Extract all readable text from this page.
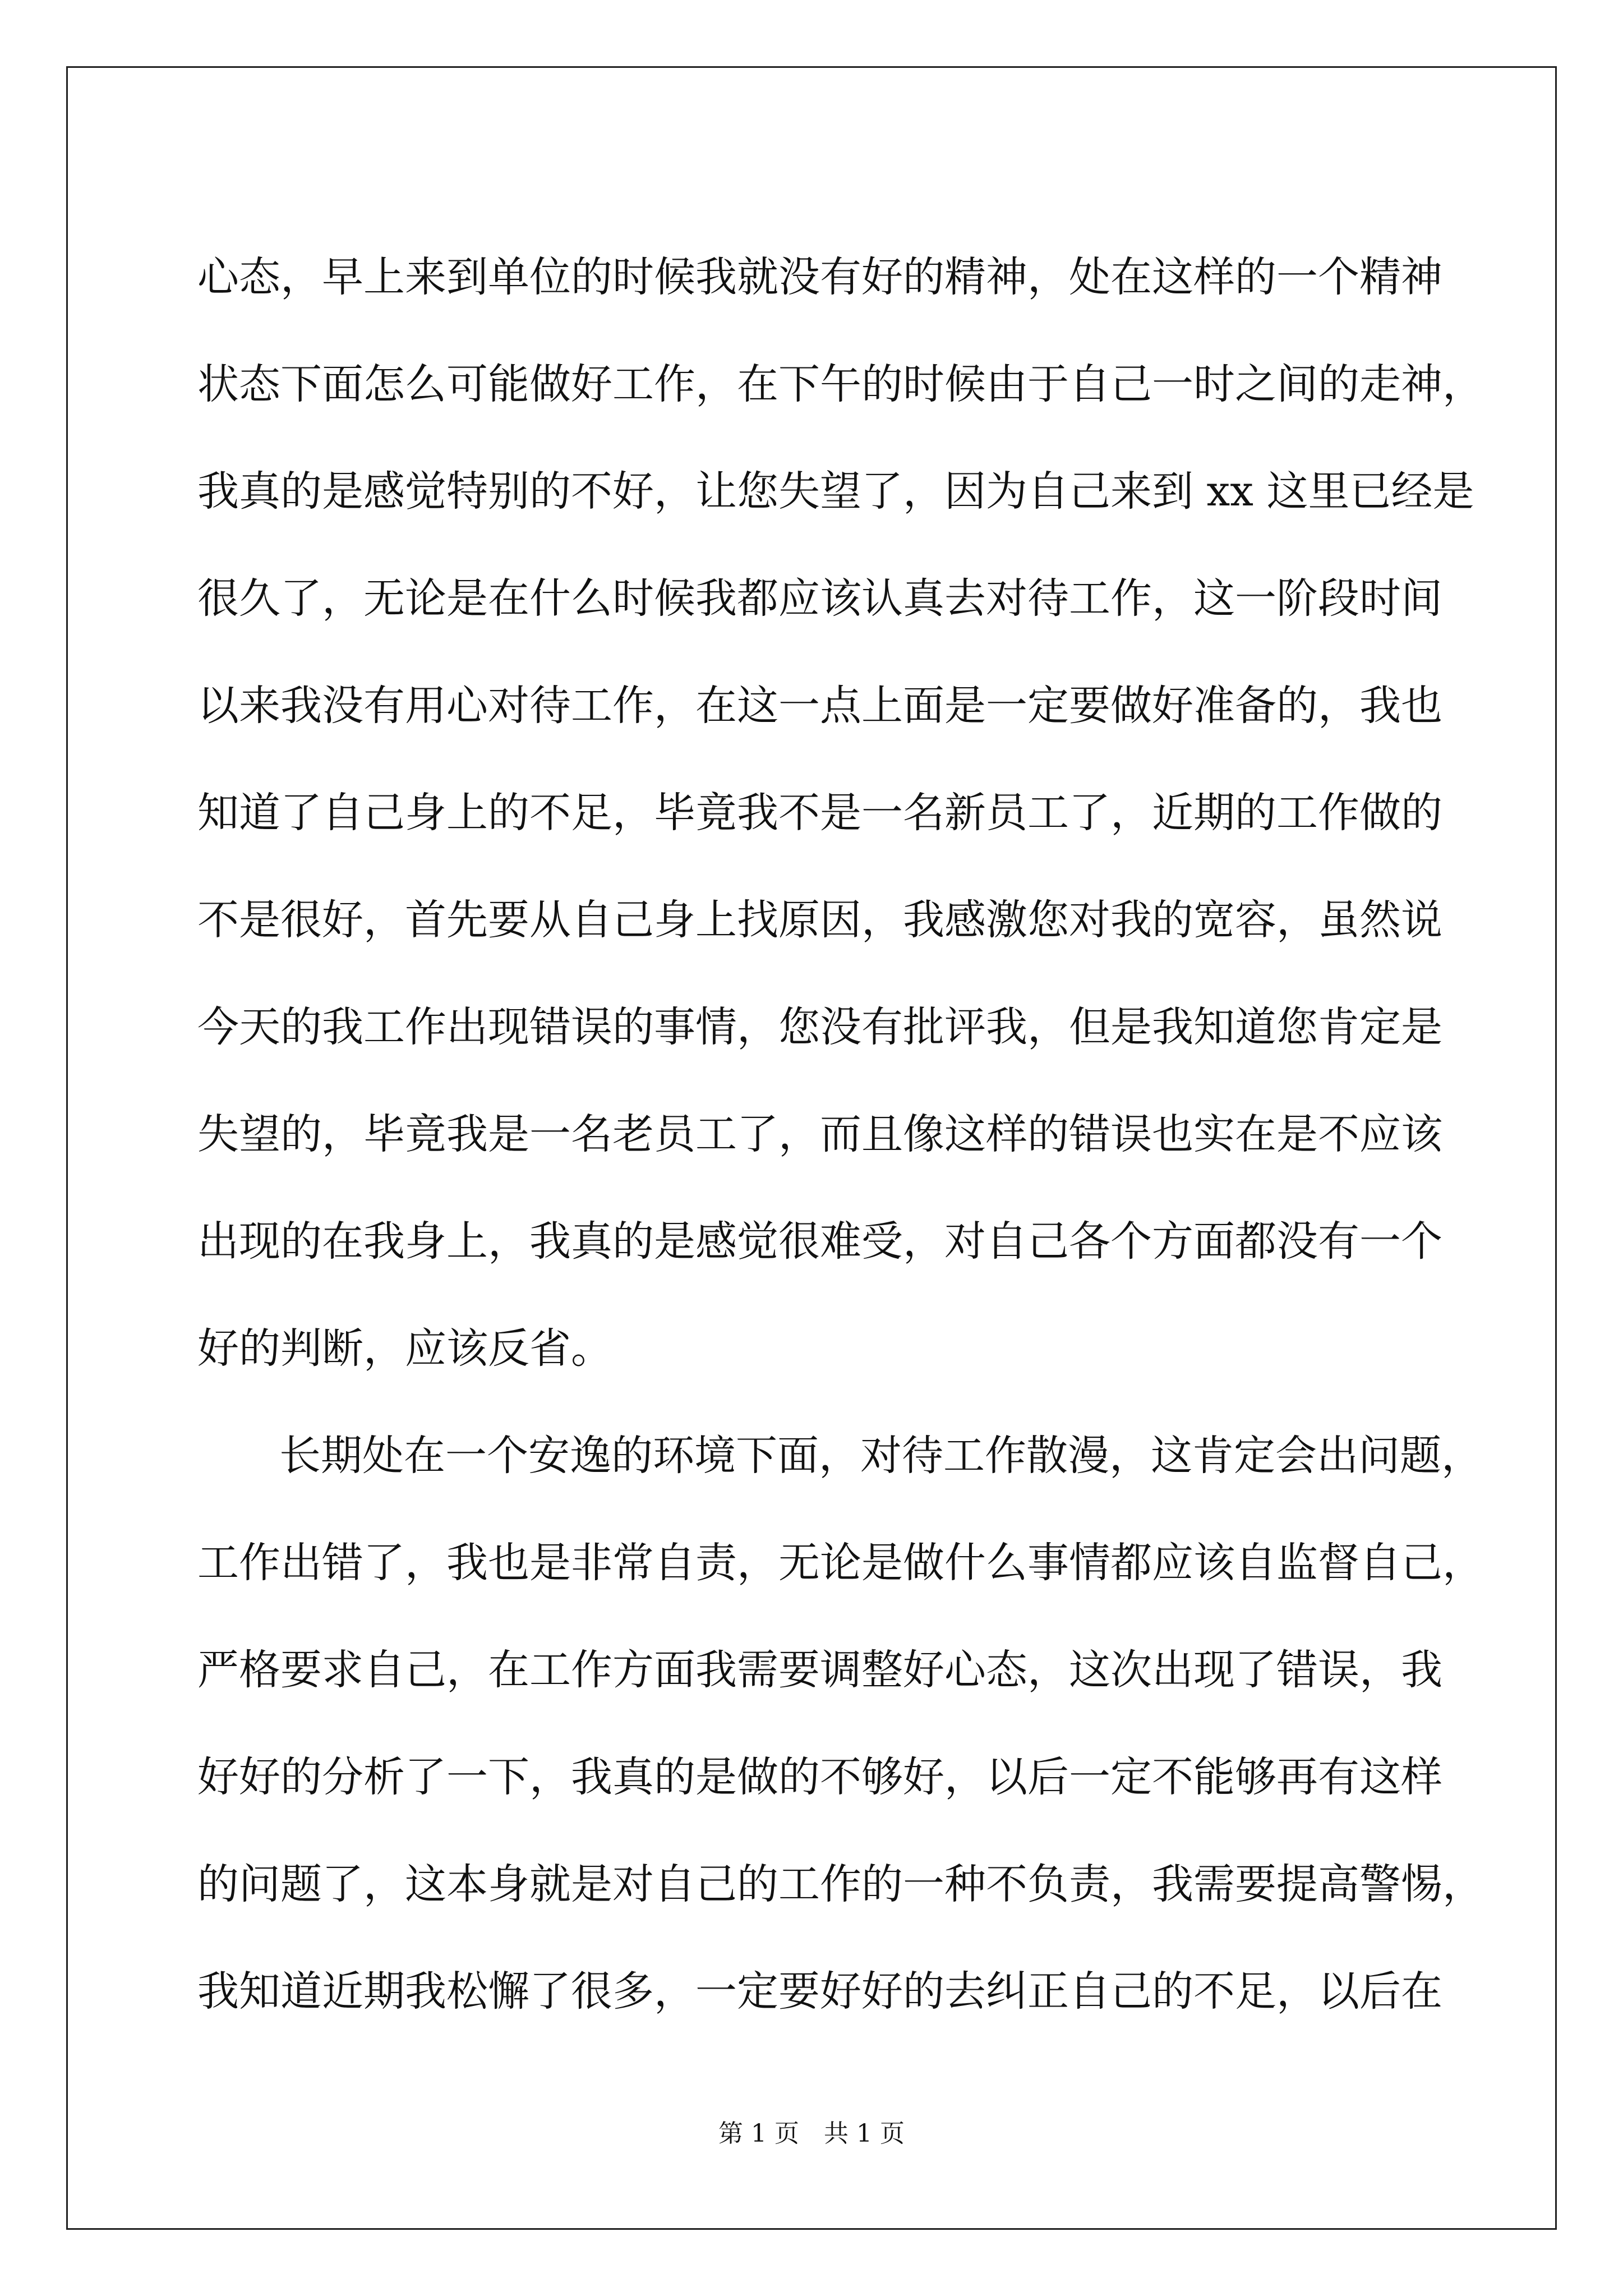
心态，早上来到单位的时候我就没有好的精神，处在这样的一个精神
状态下面怎么可能做好工作，在下午的时候由于自己一时之间的走神，
我真的是感觉特别的不好，让您失望了，因为自己来到 xx 这里已经是
很久了，无论是在什么时候我都应该认真去对待工作，这一阶段时间
以来我没有用心对待工作，在这一点上面是一定要做好准备的，我也
知道了自己身上的不足，毕竟我不是一名新员工了，近期的工作做的
不是很好，首先要从自己身上找原因，我感激您对我的宽容，虽然说
今天的我工作出现错误的事情，您没有批评我，但是我知道您肯定是
失望的，毕竟我是一名老员工了，而且像这样的错误也实在是不应该
出现的在我身上，我真的是感觉很难受，对自己各个方面都没有一个
好的判断，应该反省。
长期处在一个安逸的环境下面，对待工作散漫，这肯定会出问题，
工作出错了，我也是非常自责，无论是做什么事情都应该自监督自己，
严格要求自己，在工作方面我需要调整好心态，这次出现了错误，我
好好的分析了一下，我真的是做的不够好，以后一定不能够再有这样
的问题了，这本身就是对自己的工作的一种不负责，我需要提高警惕，
我知道近期我松懈了很多，一定要好好的去纠正自己的不足，以后在
第 1 页　共 1 页
